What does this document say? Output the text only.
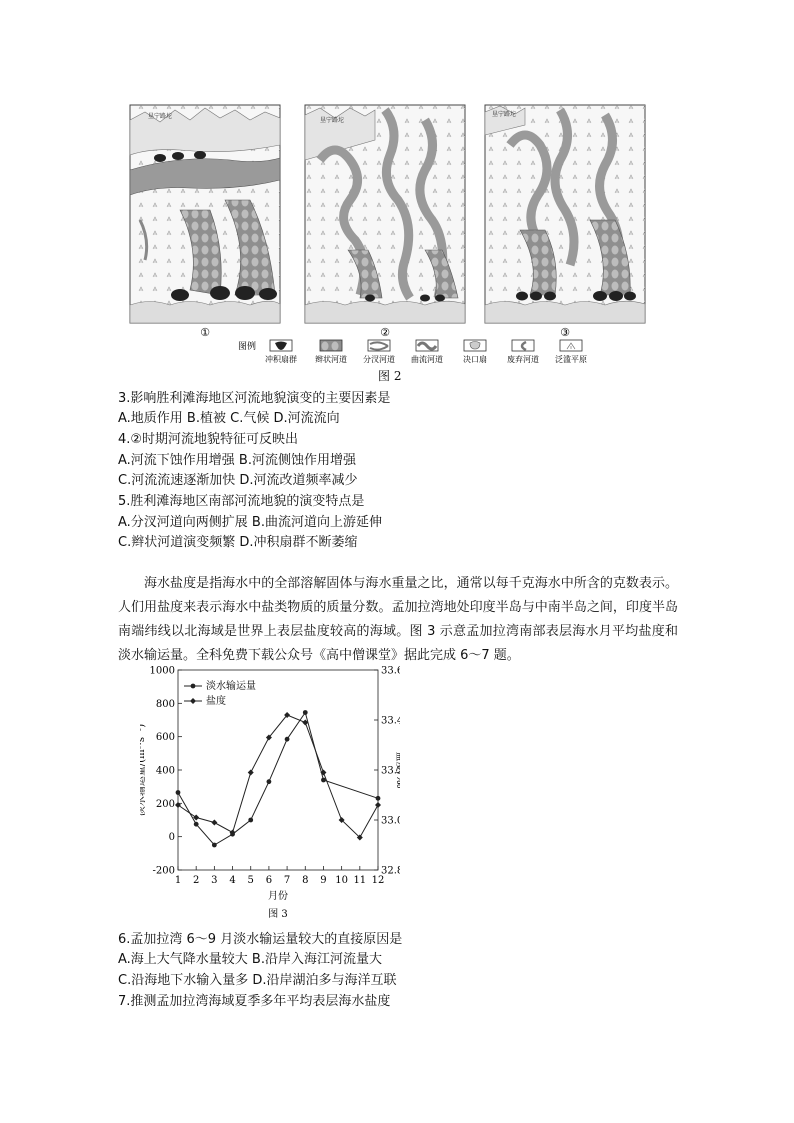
垦宁路坨
垦宁路坨
垦宁路坨
①	②	③
图例
冲积扇群 辫状河道 分汊河道 曲流河道	决口扇	废弃河道 泛滥平原
图 2
3.影响胜利滩海地区河流地貌演变的主要因素是
A.地质作用 B.植被 C.气候 D.河流流向
4.②时期河流地貌特征可反映出
A.河流下蚀作用增强 B.河流侧蚀作用增强
C.河流流速逐渐加快 D.河流改道频率减少
5.胜利滩海地区南部河流地貌的演变特点是
A.分汊河道向两侧扩展 B.曲流河道向上游延伸
C.辫状河道演变频繁 D.冲积扇群不断萎缩
海水盐度是指海水中的全部溶解固体与海水重量之比，通常以每千克海水中所含的克数表示。人们用盐度来表示海水中盐类物质的质量分数。孟加拉湾地处印度半岛与中南半岛之间，印度半岛南端纬线以北海域是世界上表层盐度较高的海域。图 3 示意孟加拉湾南部表层海水月平均盐度和淡水输运量。全科免费下载公众号《高中僧课堂》据此完成 6～7 题。
-200
0
200
400
600
800
1000
32.
33.
33.
33.
33.
1 2 3 4 5 6 7 8 9 10 11 12
淡水输运量/(m³·s⁻¹)	盐度/‰
月份
图 3
淡水输运量
盐度
6.孟加拉湾 6～9 月淡水输运量较大的直接原因是
A.海上大气降水量较大 B.沿岸入海江河流量大
C.沿海地下水输入量多 D.沿岸湖泊多与海洋互联
7.推测孟加拉湾海域夏季多年平均表层海水盐度
